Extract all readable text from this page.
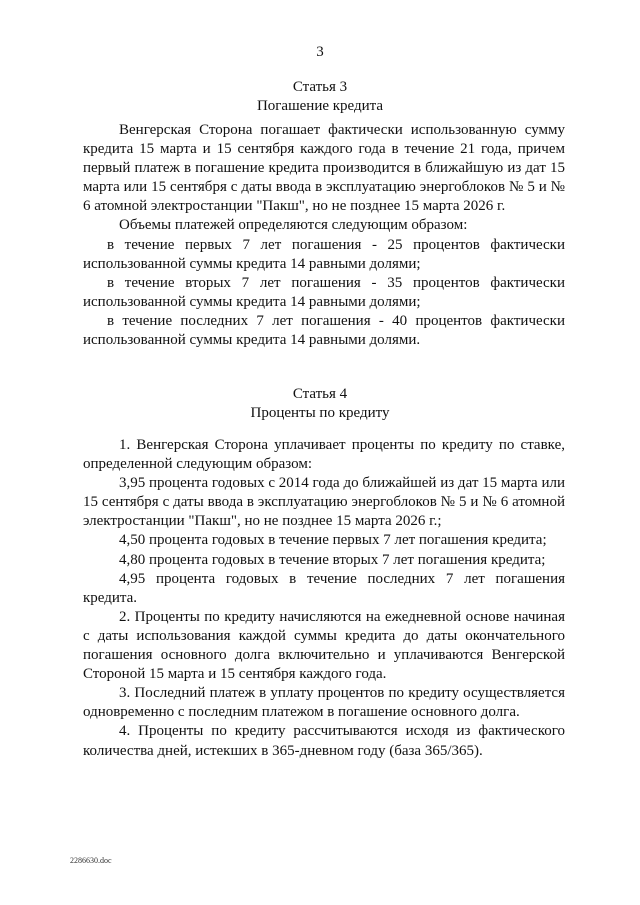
3
Статья 3
Погашение кредита

Венгерская Сторона погашает фактически использованную сумму кредита 15 марта и 15 сентября каждого года в течение 21 года, причем первый платеж в погашение кредита производится в ближайшую из дат 15 марта или 15 сентября с даты ввода в эксплуатацию энергоблоков № 5 и № 6 атомной электростанции "Пакш", но не позднее 15 марта 2026 г.

Объемы платежей определяются следующим образом:

в течение первых 7 лет погашения - 25 процентов фактически использованной суммы кредита 14 равными долями;

в течение вторых 7 лет погашения - 35 процентов фактически использованной суммы кредита 14 равными долями;

в течение последних 7 лет погашения - 40 процентов фактически использованной суммы кредита 14 равными долями.

Статья 4
Проценты по кредиту

1. Венгерская Сторона уплачивает проценты по кредиту по ставке, определенной следующим образом:

3,95 процента годовых с 2014 года до ближайшей из дат 15 марта или 15 сентября с даты ввода в эксплуатацию энергоблоков № 5 и № 6 атомной электростанции "Пакш", но не позднее 15 марта 2026 г.;

4,50 процента годовых в течение первых 7 лет погашения кредита;

4,80 процента годовых в течение вторых 7 лет погашения кредита;

4,95 процента годовых в течение последних 7 лет погашения кредита.

2. Проценты по кредиту начисляются на ежедневной основе начиная с даты использования каждой суммы кредита до даты окончательного погашения основного долга включительно и уплачиваются Венгерской Стороной 15 марта и 15 сентября каждого года.

3. Последний платеж в уплату процентов по кредиту осуществляется одновременно с последним платежом в погашение основного долга.

4. Проценты по кредиту рассчитываются исходя из фактического количества дней, истекших в 365-дневном году (база 365/365).

2286630.doc
